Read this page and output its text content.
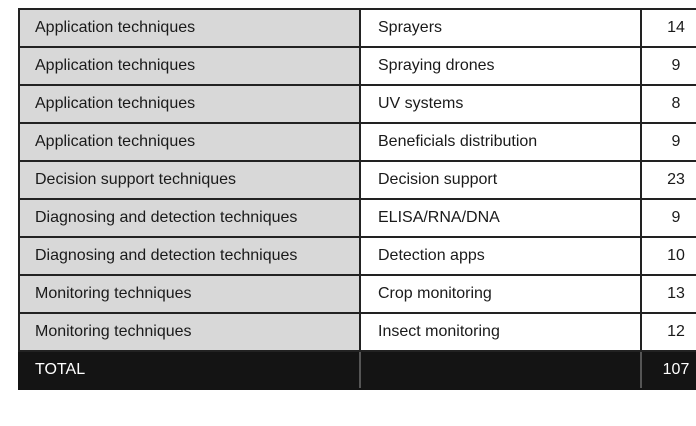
Application techniques	Sprayers	14
Application techniques	Spraying drones	9
Application techniques	UV systems	8
Application techniques	Beneficials distribution	9
Decision support techniques	Decision support	23
Diagnosing and detection techniques	ELISA/RNA/DNA	9
Diagnosing and detection techniques	Detection apps	10
Monitoring techniques	Crop monitoring	13
Monitoring techniques	Insect monitoring	12
TOTAL		107
